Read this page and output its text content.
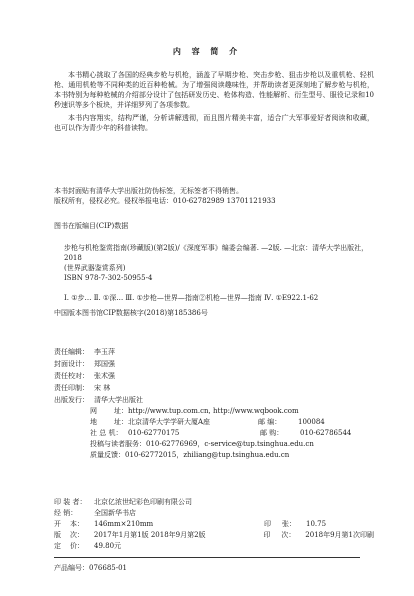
内 容 简 介

本书精心挑取了各国的经典步枪与机枪，涵盖了早期步枪、突击步枪、狙击步枪以及重机枪、轻机枪、通用机枪等不同种类的近百种枪械。为了增强阅读趣味性，并帮助读者更深刻地了解步枪与机枪，本书特别为每种枪械的介绍部分设计了包括研发历史、枪体构造、性能解析、衍生型号、服役记录和10秒速识等多个板块，并详细罗列了各项参数。

本书内容翔实，结构严谨，分析讲解透彻，而且图片精美丰富，适合广大军事爱好者阅读和收藏，也可以作为青少年的科普读物。

本书封面贴有清华大学出版社防伪标签，无标签者不得销售。
版权所有，侵权必究。侵权举报电话：010-62782989 13701121933
图书在版编目(CIP)数据
步枪与机枪鉴赏指南(珍藏版)(第2版)/《深度军事》编委会编著. —2版. —北京：清华大学出版社，2018
(世界武器鉴赏系列)
ISBN 978-7-302-50955-4
Ⅰ. ①步… Ⅱ. ①深… Ⅲ. ①步枪—世界—指南②机枪—世界—指南 Ⅳ. ①E922.1-62
中国版本图书馆CIP数据核字(2018)第185386号
责任编辑： 李玉萍
封面设计： 郑国强
责任校对： 张术强
责任印制： 宋 林
出版发行： 清华大学出版社
网	址： http://www.tup.com.cn, http://www.wqbook.com
地	址： 北京清华大学学研大厦A座	邮 编：	100084
社 总 机： 010-62770175	邮 购：	010-62786544
投稿与读者服务：010-62776969，c-service@tup.tsinghua.edu.cn
质量反馈：010-62772015，zhiliang@tup.tsinghua.edu.cn
印 装 者：	北京亿浓世纪彩色印刷有限公司
经 销：	全国新华书店
开	本：	146mm×210mm	印	张：	10.75
版	次：	2017年1月第1版 2018年9月第2版	印	次：	2018年9月第1次印刷
定	价：	49.80元
产品编号：076685-01
